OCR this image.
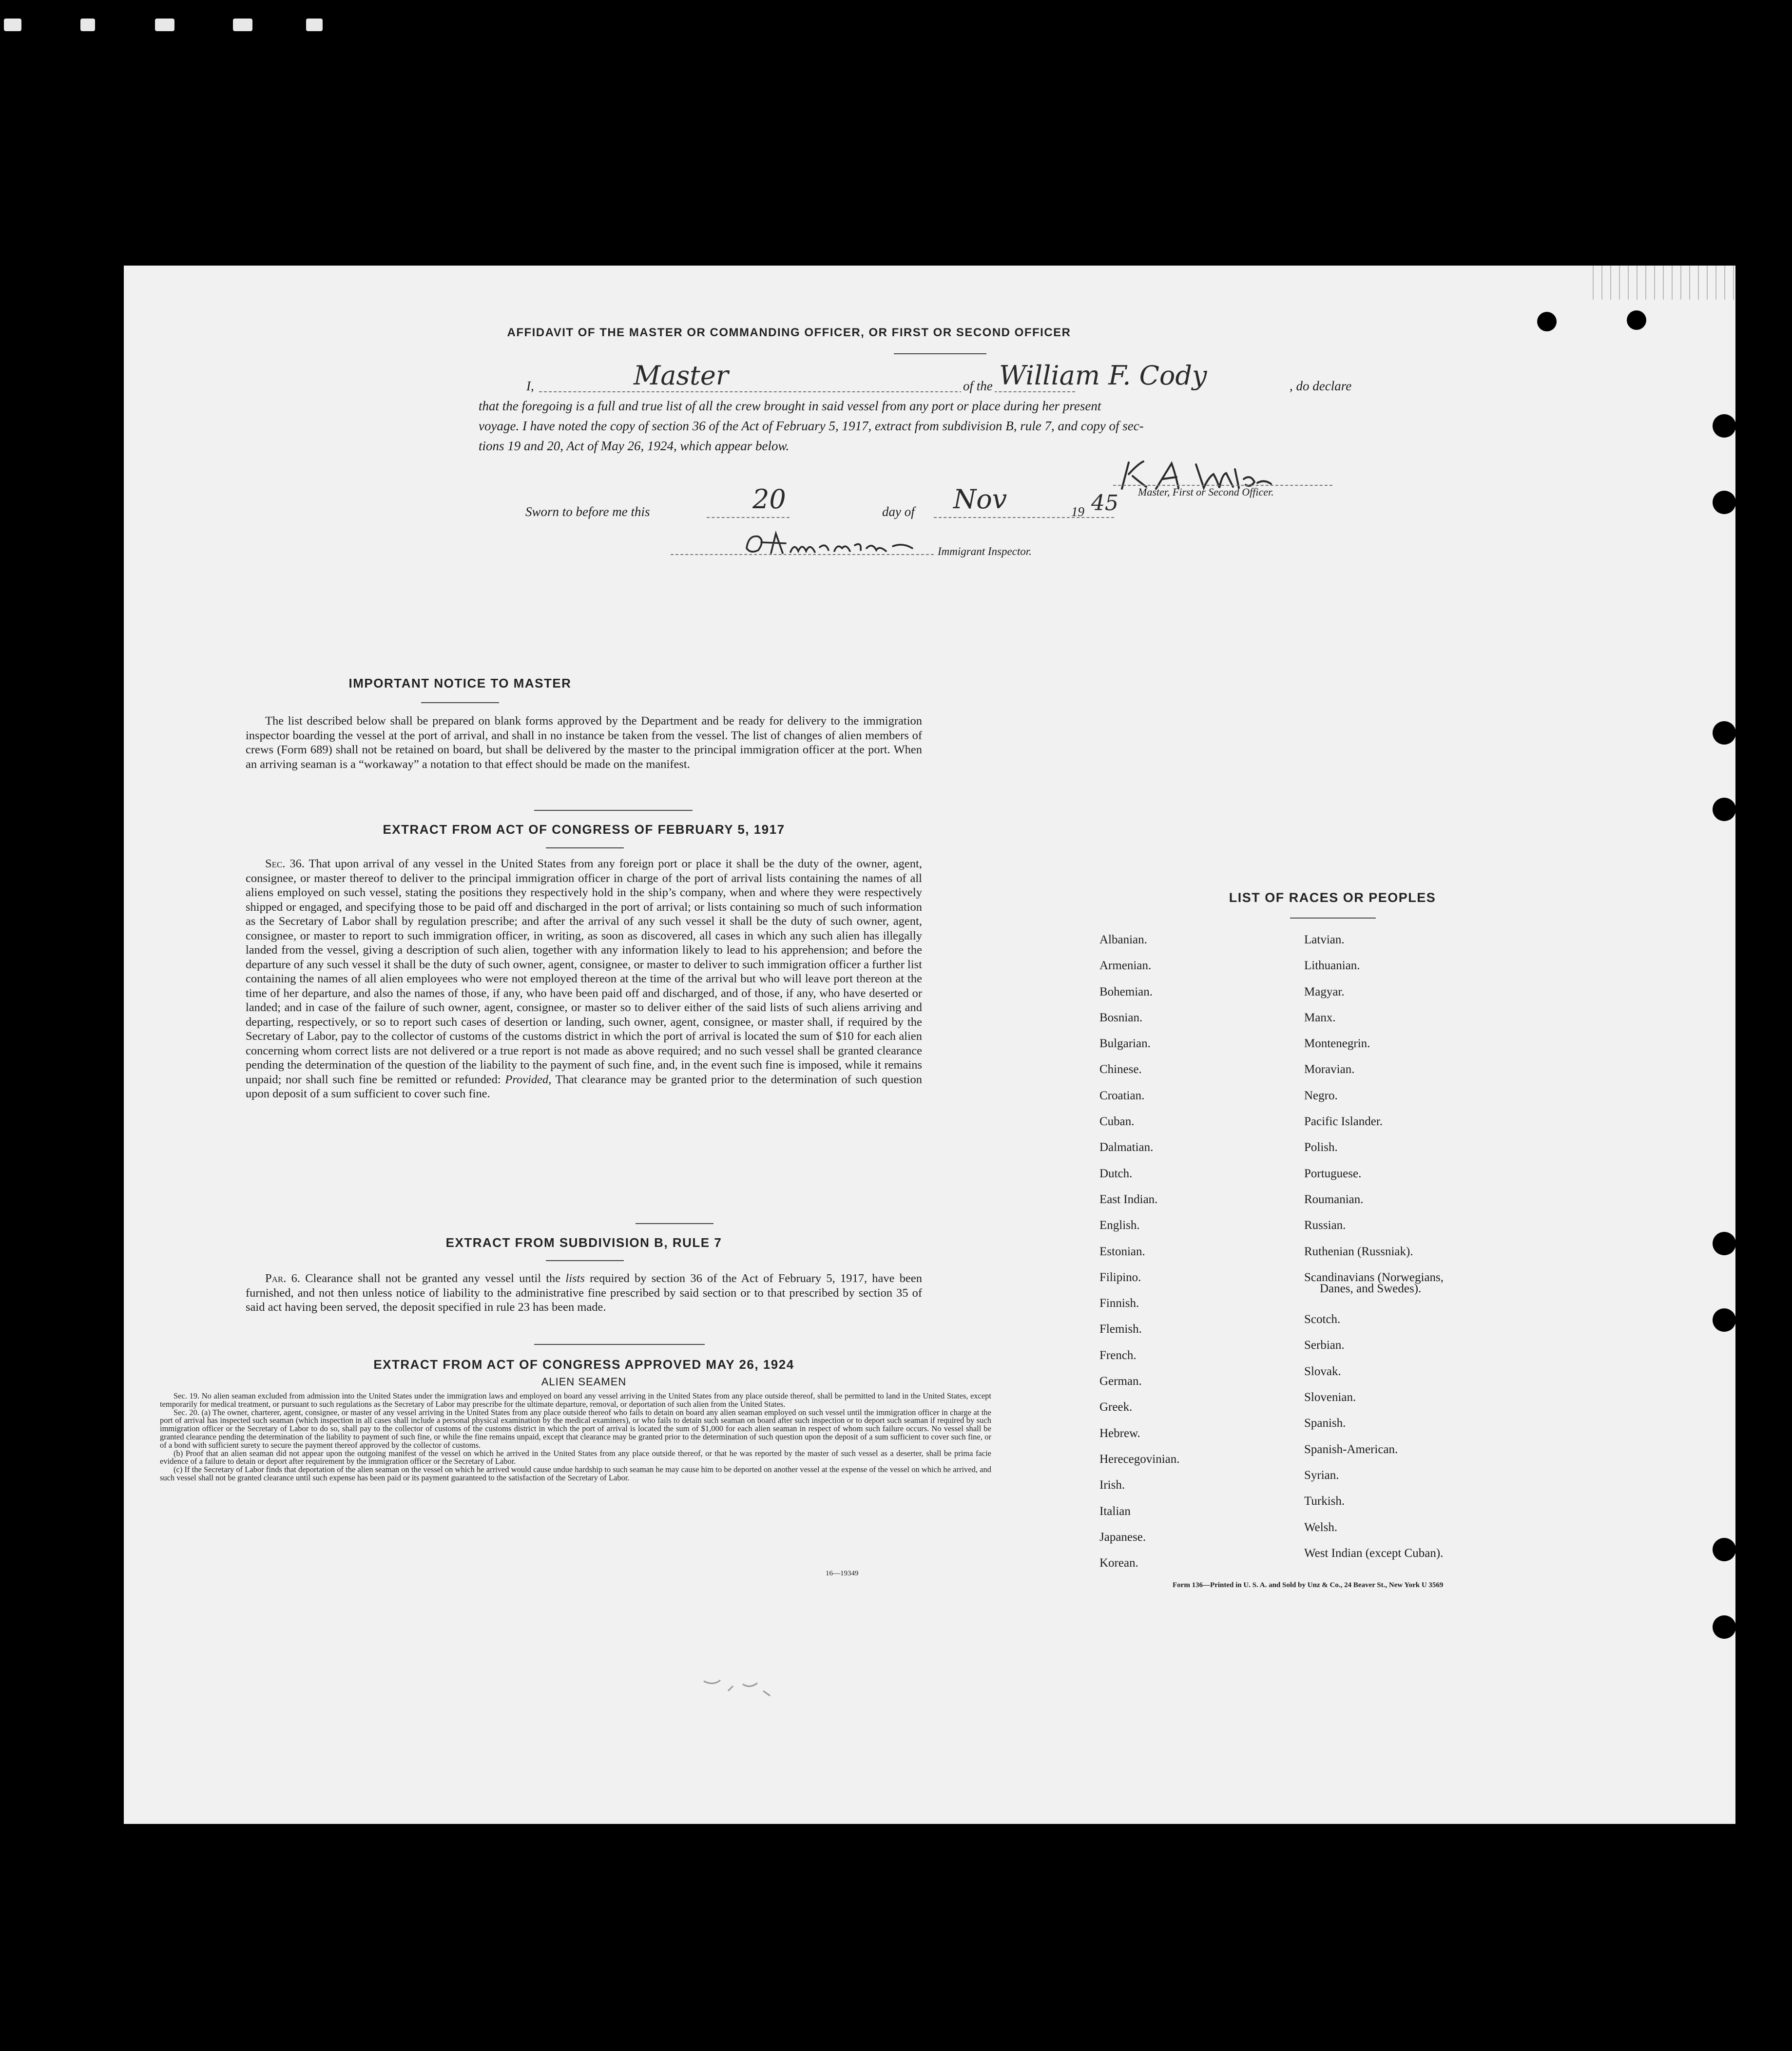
AFFIDAVIT OF THE MASTER OR COMMANDING OFFICER, OR FIRST OR SECOND OFFICER
I,	Master	of the William F. Cody	, do declare
that the foregoing is a full and true list of all the crew brought in said vessel from any port or place during her present
voyage. I have noted the copy of section 36 of the Act of February 5, 1917, extract from subdivision B, rule 7, and copy of sec-
tions 19 and 20, Act of May 26, 1924, which appear below.
Master, First or Second Officer.
Sworn to before me this	20	day of Nov	19 45
Immigrant Inspector.
IMPORTANT NOTICE TO MASTER

The list described below shall be prepared on blank forms approved by the Department and be ready for delivery to the immigration inspector boarding the vessel at the port of arrival, and shall in no instance be taken from the vessel. The list of changes of alien members of crews (Form 689) shall not be retained on board, but shall be delivered by the master to the principal immigration officer at the port. When an arriving seaman is a “workaway” a notation to that effect should be made on the manifest.

EXTRACT FROM ACT OF CONGRESS OF FEBRUARY 5, 1917

Sec. 36. That upon arrival of any vessel in the United States from any foreign port or place it shall be the duty of the owner, agent, consignee, or master thereof to deliver to the principal immigration officer in charge of the port of arrival lists containing the names of all aliens employed on such vessel, stating the positions they respectively hold in the ship’s company, when and where they were respectively shipped or engaged, and specifying those to be paid off and discharged in the port of arrival; or lists containing so much of such information as the Secretary of Labor shall by regulation prescribe; and after the arrival of any such vessel it shall be the duty of such owner, agent, consignee, or master to report to such immigration officer, in writing, as soon as discovered, all cases in which any such alien has illegally landed from the vessel, giving a description of such alien, together with any information likely to lead to his apprehension; and before the departure of any such vessel it shall be the duty of such owner, agent, consignee, or master to deliver to such immigration officer a further list containing the names of all alien employees who were not employed thereon at the time of the arrival but who will leave port thereon at the time of her departure, and also the names of those, if any, who have been paid off and discharged, and of those, if any, who have deserted or landed; and in case of the failure of such owner, agent, consignee, or master so to deliver either of the said lists of such aliens arriving and departing, respectively, or so to report such cases of desertion or landing, such owner, agent, consignee, or master shall, if required by the Secretary of Labor, pay to the collector of customs of the customs district in which the port of arrival is located the sum of $10 for each alien concerning whom correct lists are not delivered or a true report is not made as above required; and no such vessel shall be granted clearance pending the determination of the question of the liability to the payment of such fine, and, in the event such fine is imposed, while it remains unpaid; nor shall such fine be remitted or refunded: Provided, That clearance may be granted prior to the determination of such question upon deposit of a sum sufficient to cover such fine.

EXTRACT FROM SUBDIVISION B, RULE 7

Par. 6. Clearance shall not be granted any vessel until the lists required by section 36 of the Act of February 5, 1917, have been furnished, and not then unless notice of liability to the administrative fine prescribed by said section or to that prescribed by section 35 of said act having been served, the deposit specified in rule 23 has been made.

EXTRACT FROM ACT OF CONGRESS APPROVED MAY 26, 1924
ALIEN SEAMEN

Sec. 19. No alien seaman excluded from admission into the United States under the immigration laws and employed on board any vessel arriving in the United States from any place outside thereof, shall be permitted to land in the United States, except temporarily for medical treatment, or pursuant to such regulations as the Secretary of Labor may prescribe for the ultimate departure, removal, or deportation of such alien from the United States.

Sec. 20. (a) The owner, charterer, agent, consignee, or master of any vessel arriving in the United States from any place outside thereof who fails to detain on board any alien seaman employed on such vessel until the immigration officer in charge at the port of arrival has inspected such seaman (which inspection in all cases shall include a personal physical examination by the medical examiners), or who fails to detain such seaman on board after such inspection or to deport such seaman if required by such immigration officer or the Secretary of Labor to do so, shall pay to the collector of customs of the customs district in which the port of arrival is located the sum of $1,000 for each alien seaman in respect of whom such failure occurs. No vessel shall be granted clearance pending the determination of the liability to payment of such fine, or while the fine remains unpaid, except that clearance may be granted prior to the determination of such question upon the deposit of a sum sufficient to cover such fine, or of a bond with sufficient surety to secure the payment thereof approved by the collector of customs.

(b) Proof that an alien seaman did not appear upon the outgoing manifest of the vessel on which he arrived in the United States from any place outside thereof, or that he was reported by the master of such vessel as a deserter, shall be prima facie evidence of a failure to detain or deport after requirement by the immigration officer or the Secretary of Labor.

(c) If the Secretary of Labor finds that deportation of the alien seaman on the vessel on which he arrived would cause undue hardship to such seaman he may cause him to be deported on another vessel at the expense of the vessel on which he arrived, and such vessel shall not be granted clearance until such expense has been paid or its payment guaranteed to the satisfaction of the Secretary of Labor.

16—19349
LIST OF RACES OR PEOPLES
Albanian.
Armenian.
Bohemian.
Bosnian.
Bulgarian.
Chinese.
Croatian.
Cuban.
Dalmatian.
Dutch.
East Indian.
English.
Estonian.
Filipino.
Finnish.
Flemish.
French.
German.
Greek.
Hebrew.
Herecegovinian.
Irish.
Italian
Japanese.
Korean.
Latvian.
Lithuanian.
Magyar.
Manx.
Montenegrin.
Moravian.
Negro.
Pacific Islander.
Polish.
Portuguese.
Roumanian.
Russian.
Ruthenian (Russniak).
Scandinavians (Norwegians,
Danes, and Swedes).
Scotch.
Serbian.
Slovak.
Slovenian.
Spanish.
Spanish-American.
Syrian.
Turkish.
Welsh.
West Indian (except Cuban).
Form 136—Printed in U. S. A. and Sold by Unz & Co., 24 Beaver St., New York U 3569
